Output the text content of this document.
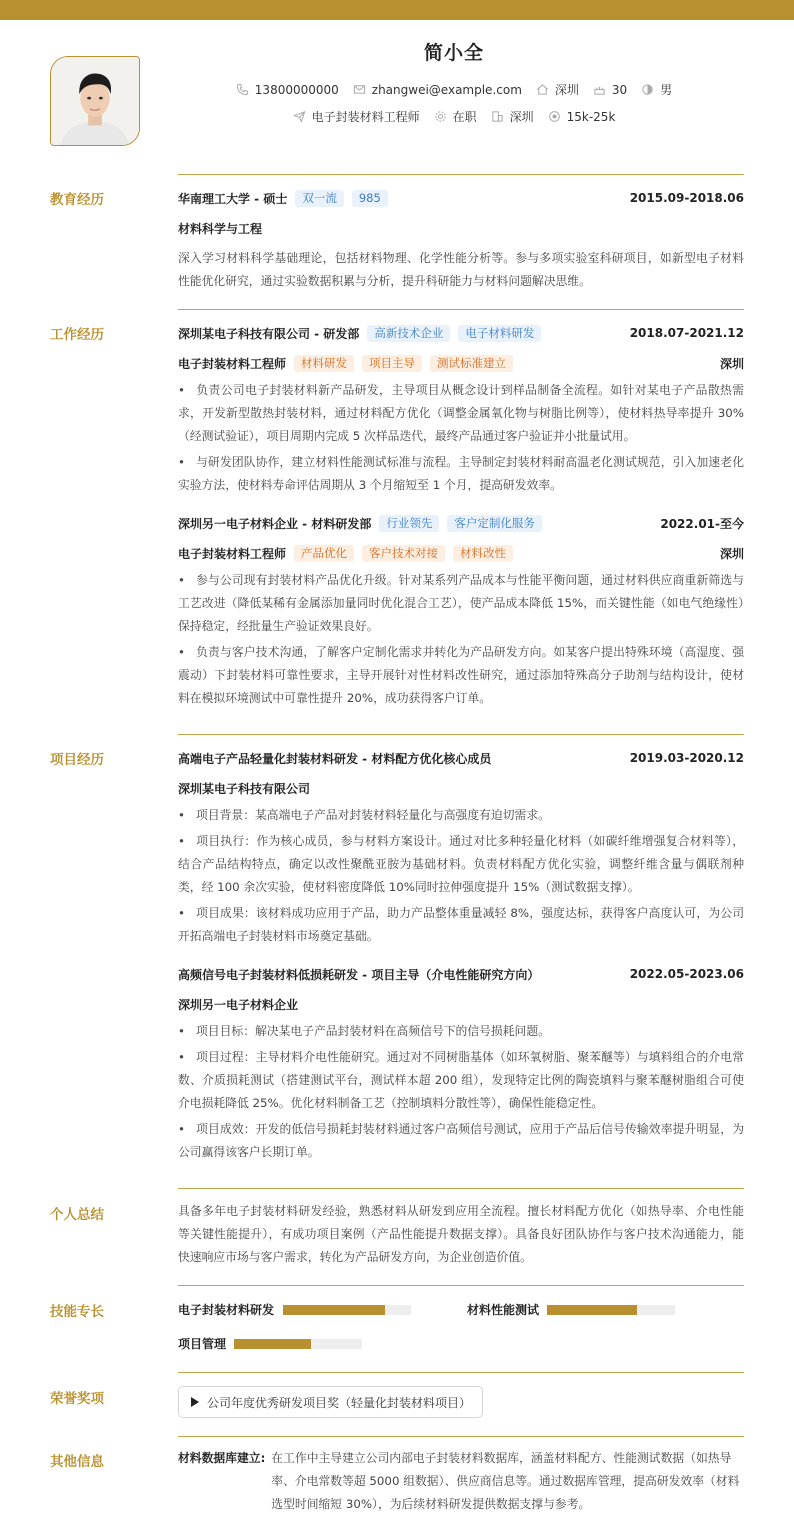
简小全
13800000000	zhangwei@example.com	深圳	30	男
电子封装材料工程师	在职	深圳	15k-25k
教育经历	华南理工大学 - 硕士	双一流	985	2015.09-2018.06
材料科学与工程
深入学习材料科学基础理论，包括材料物理、化学性能分析等。参与多项实验室科研项目，如新型电子材料性能优化研究，通过实验数据积累与分析，提升科研能力与材料问题解决思维。
工作经历	深圳某电子科技有限公司 - 研发部	高新技术企业	电子材料研发	2018.07-2021.12
电子封装材料工程师	材料研发	项目主导	测试标准建立	深圳
• 负责公司电子封装材料新产品研发，主导项目从概念设计到样品制备全流程。如针对某电子产品散热需求，开发新型散热封装材料，通过材料配方优化（调整金属氧化物与树脂比例等），使材料热导率提升 30%（经测试验证），项目周期内完成 5 次样品迭代，最终产品通过客户验证并小批量试用。
• 与研发团队协作，建立材料性能测试标准与流程。主导制定封装材料耐高温老化测试规范，引入加速老化实验方法，使材料寿命评估周期从 3 个月缩短至 1 个月，提高研发效率。
深圳另一电子材料企业 - 材料研发部	行业领先	客户定制化服务	2022.01-至今
电子封装材料工程师	产品优化	客户技术对接	材料改性	深圳
• 参与公司现有封装材料产品优化升级。针对某系列产品成本与性能平衡问题，通过材料供应商重新筛选与工艺改进（降低某稀有金属添加量同时优化混合工艺），使产品成本降低 15%，而关键性能（如电气绝缘性）保持稳定，经批量生产验证效果良好。
• 负责与客户技术沟通，了解客户定制化需求并转化为产品研发方向。如某客户提出特殊环境（高湿度、强震动）下封装材料可靠性要求，主导开展针对性材料改性研究，通过添加特殊高分子助剂与结构设计，使材料在模拟环境测试中可靠性提升 20%，成功获得客户订单。
项目经历	高端电子产品轻量化封装材料研发 - 材料配方优化核心成员	2019.03-2020.12
深圳某电子科技有限公司
• 项目背景：某高端电子产品对封装材料轻量化与高强度有迫切需求。
• 项目执行：作为核心成员，参与材料方案设计。通过对比多种轻量化材料（如碳纤维增强复合材料等），结合产品结构特点，确定以改性聚酰亚胺为基础材料。负责材料配方优化实验，调整纤维含量与偶联剂种类，经 100 余次实验，使材料密度降低 10%同时拉伸强度提升 15%（测试数据支撑）。
• 项目成果：该材料成功应用于产品，助力产品整体重量减轻 8%，强度达标，获得客户高度认可，为公司开拓高端电子封装材料市场奠定基础。
高频信号电子封装材料低损耗研发 - 项目主导（介电性能研究方向）	2022.05-2023.06
深圳另一电子材料企业
• 项目目标：解决某电子产品封装材料在高频信号下的信号损耗问题。
• 项目过程：主导材料介电性能研究。通过对不同树脂基体（如环氧树脂、聚苯醚等）与填料组合的介电常数、介质损耗测试（搭建测试平台，测试样本超 200 组），发现特定比例的陶瓷填料与聚苯醚树脂组合可使介电损耗降低 25%。优化材料制备工艺（控制填料分散性等），确保性能稳定性。
• 项目成效：开发的低信号损耗封装材料通过客户高频信号测试，应用于产品后信号传输效率提升明显，为公司赢得该客户长期订单。
个人总结	具备多年电子封装材料研发经验，熟悉材料从研发到应用全流程。擅长材料配方优化（如热导率、介电性能等关键性能提升），有成功项目案例（产品性能提升数据支撑）。具备良好团队协作与客户技术沟通能力，能快速响应市场与客户需求，转化为产品研发方向，为企业创造价值。
技能专长	电子封装材料研发	材料性能测试
项目管理
荣誉奖项	公司年度优秀研发项目奖（轻量化封装材料项目）
其他信息	材料数据库建立: 在工作中主导建立公司内部电子封装材料数据库，涵盖材料配方、性能测试数据（如热导率、介电常数等超 5000 组数据）、供应商信息等。通过数据库管理，提高研发效率（材料选型时间缩短 30%），为后续材料研发提供数据支撑与参考。
